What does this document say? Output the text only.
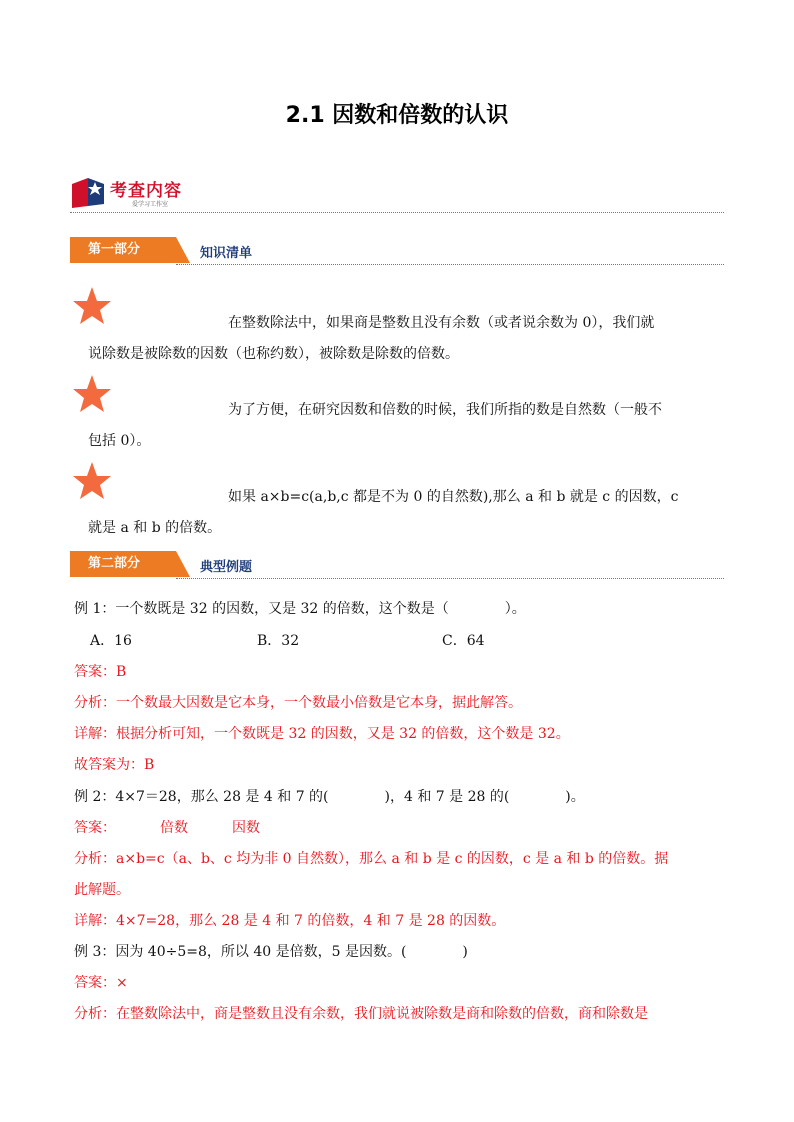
2.1 因数和倍数的认识
考查内容
爱学习工作室
第一部分	知识清单
在整数除法中，如果商是整数且没有余数（或者说余数为 0），我们就
说除数是被除数的因数（也称约数），被除数是除数的倍数。
为了方便，在研究因数和倍数的时候，我们所指的数是自然数（一般不
包括 0）。
如果 a×b=c(a,b,c 都是不为 0 的自然数),那么 a 和 b 就是 c 的因数，c
就是 a 和 b 的倍数。
第二部分	典型例题
例 1：一个数既是 32 的因数，又是 32 的倍数，这个数是（　　　　）。
A．16	B．32	C．64
答案：B
分析：一个数最大因数是它本身，一个数最小倍数是它本身，据此解答。
详解：根据分析可知，一个数既是 32 的因数，又是 32 的倍数，这个数是 32。
故答案为：B
例 2：4×7＝28，那么 28 是 4 和 7 的(　　　　)，4 和 7 是 28 的(　　　　)。
答案：	倍数	因数
分析：a×b=c（a、b、c 均为非 0 自然数），那么 a 和 b 是 c 的因数，c 是 a 和 b 的倍数。据
此解题。
详解：4×7=28，那么 28 是 4 和 7 的倍数，4 和 7 是 28 的因数。
例 3：因为 40÷5=8，所以 40 是倍数，5 是因数。(　　　　)
答案：×
分析：在整数除法中，商是整数且没有余数，我们就说被除数是商和除数的倍数，商和除数是
